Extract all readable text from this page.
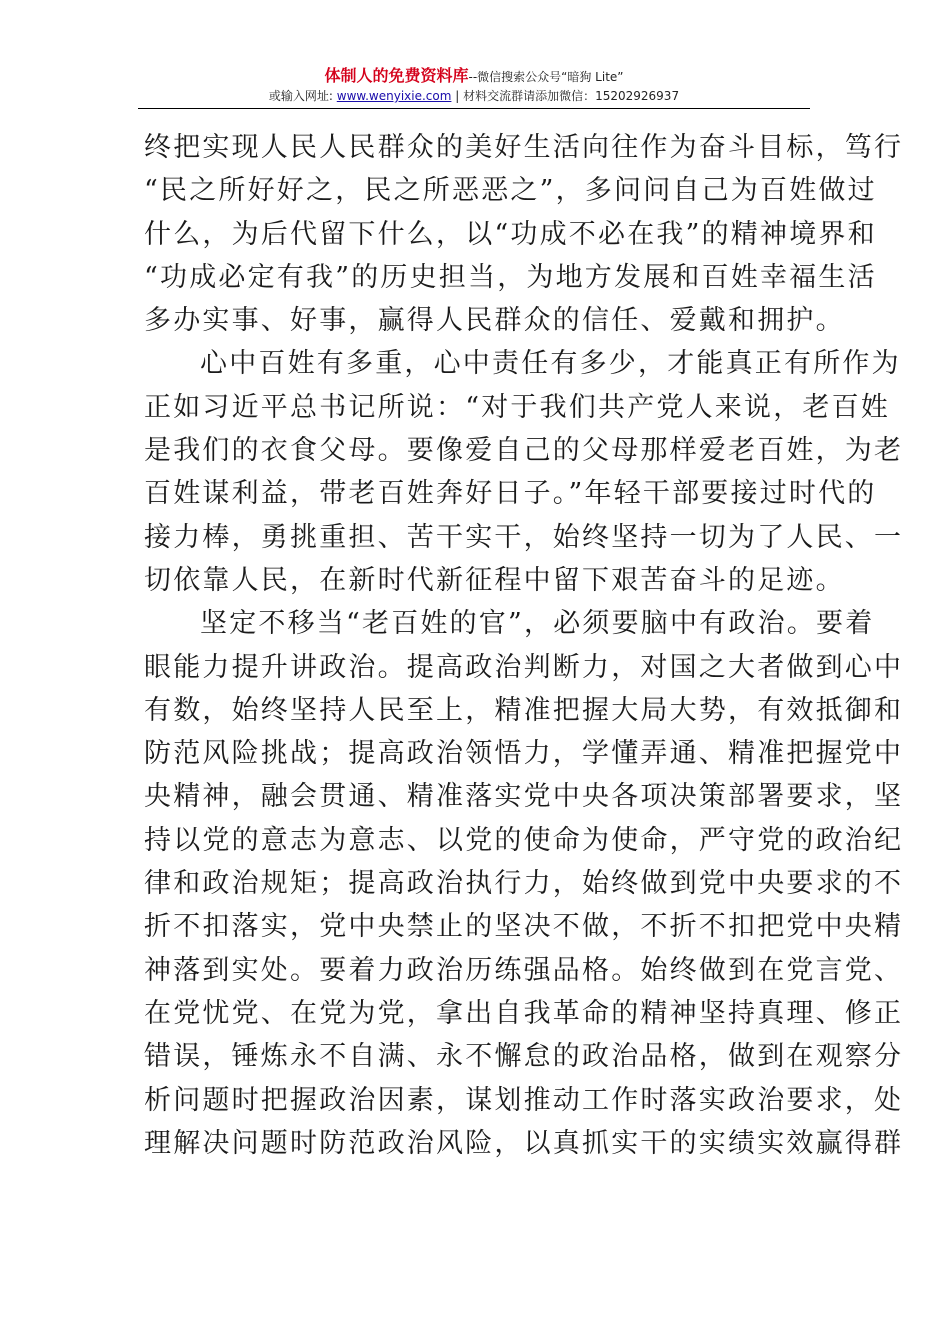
体制人的免费资料库--微信搜索公众号“暗狗 Lite”
或输入网址: www.wenyixie.com | 材料交流群请添加微信：15202926937
终把实现人民人民群众的美好生活向往作为奋斗目标，笃行
“民之所好好之，民之所恶恶之”，多问问自己为百姓做过
什么，为后代留下什么，以“功成不必在我”的精神境界和
“功成必定有我”的历史担当，为地方发展和百姓幸福生活
多办实事、好事，赢得人民群众的信任、爱戴和拥护。
心中百姓有多重，心中责任有多少，才能真正有所作为
正如习近平总书记所说：“对于我们共产党人来说，老百姓
是我们的衣食父母。要像爱自己的父母那样爱老百姓，为老
百姓谋利益，带老百姓奔好日子。”年轻干部要接过时代的
接力棒，勇挑重担、苦干实干，始终坚持一切为了人民、一
切依靠人民，在新时代新征程中留下艰苦奋斗的足迹。
坚定不移当“老百姓的官”，必须要脑中有政治。要着
眼能力提升讲政治。提高政治判断力，对国之大者做到心中
有数，始终坚持人民至上，精准把握大局大势，有效抵御和
防范风险挑战；提高政治领悟力，学懂弄通、精准把握党中
央精神，融会贯通、精准落实党中央各项决策部署要求，坚
持以党的意志为意志、以党的使命为使命，严守党的政治纪
律和政治规矩；提高政治执行力，始终做到党中央要求的不
折不扣落实，党中央禁止的坚决不做，不折不扣把党中央精
神落到实处。要着力政治历练强品格。始终做到在党言党、
在党忧党、在党为党，拿出自我革命的精神坚持真理、修正
错误，锤炼永不自满、永不懈怠的政治品格，做到在观察分
析问题时把握政治因素，谋划推动工作时落实政治要求，处
理解决问题时防范政治风险，以真抓实干的实绩实效赢得群
